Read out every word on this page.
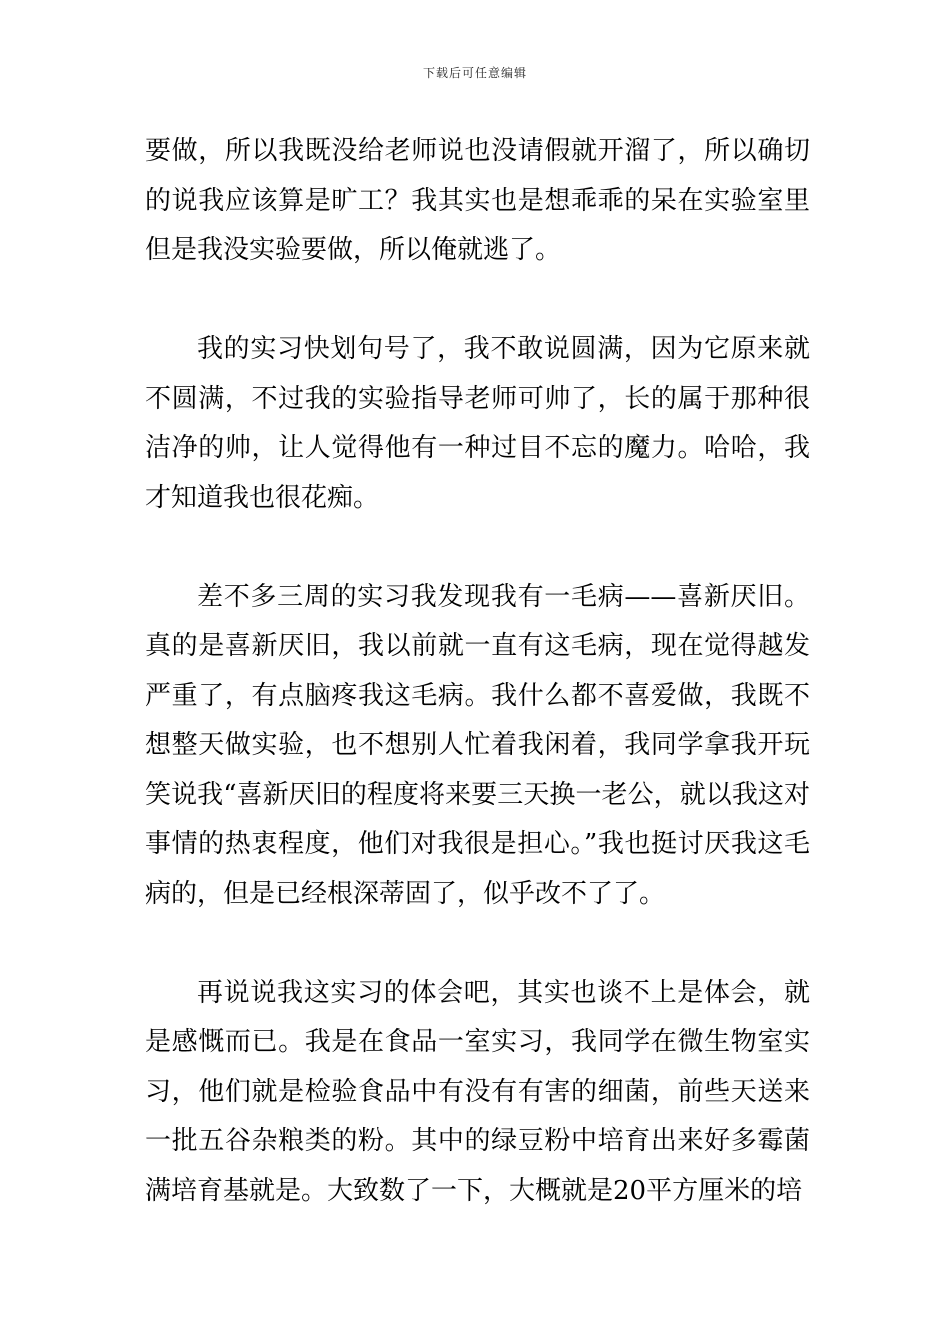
下载后可任意编辑

要做，所以我既没给老师说也没请假就开溜了，所以确切的说我应该算是旷工？我其实也是想乖乖的呆在实验室里但是我没实验要做，所以俺就逃了。

我的实习快划句号了，我不敢说圆满，因为它原来就不圆满，不过我的实验指导老师可帅了，长的属于那种很洁净的帅，让人觉得他有一种过目不忘的魔力。哈哈，我才知道我也很花痴。

差不多三周的实习我发现我有一毛病——喜新厌旧。真的是喜新厌旧，我以前就一直有这毛病，现在觉得越发严重了，有点脑疼我这毛病。我什么都不喜爱做，我既不想整天做实验，也不想别人忙着我闲着，我同学拿我开玩笑说我“喜新厌旧的程度将来要三天换一老公，就以我这对事情的热衷程度，他们对我很是担心。”我也挺讨厌我这毛病的，但是已经根深蒂固了，似乎改不了了。

再说说我这实习的体会吧，其实也谈不上是体会，就是感慨而已。我是在食品一室实习，我同学在微生物室实习，他们就是检验食品中有没有有害的细菌，前些天送来一批五谷杂粮类的粉。其中的绿豆粉中培育出来好多霉菌满培育基就是。大致数了一下，大概就是20平方厘米的培
